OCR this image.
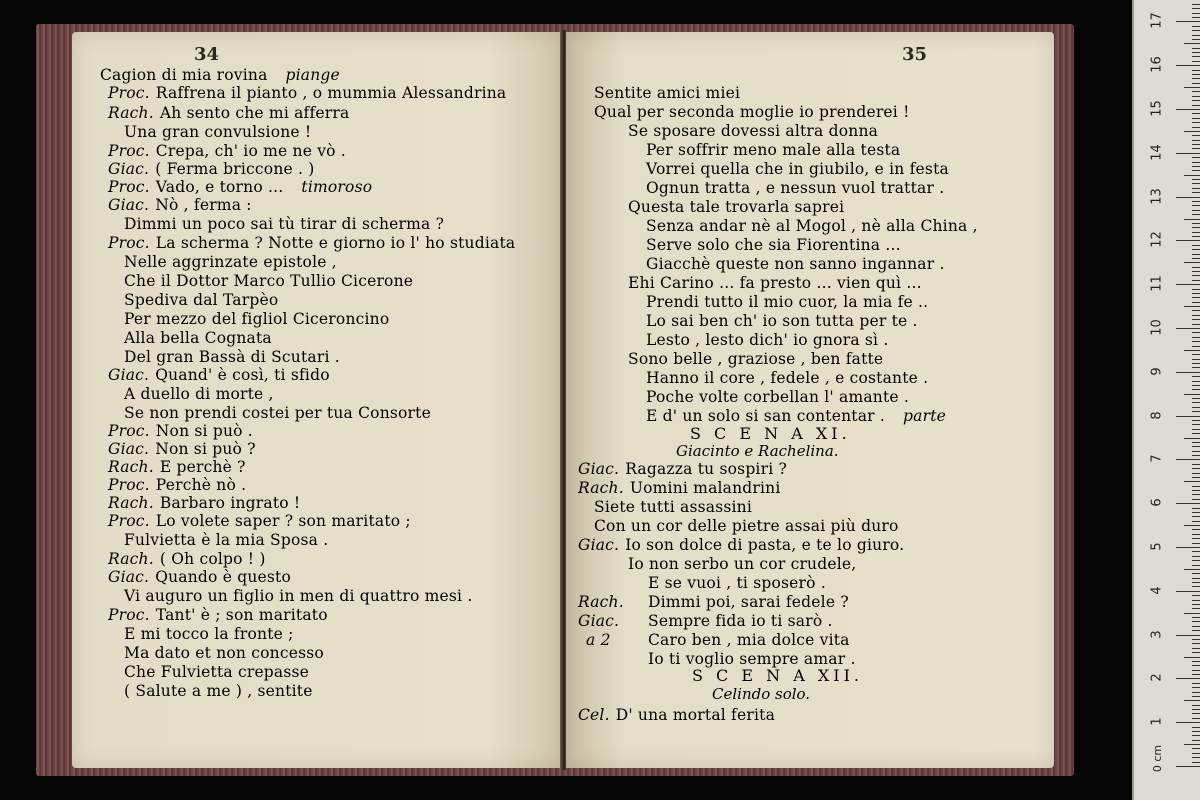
34	35
Cagion di mia rovina piange
Proc. Raffrena il pianto , o mummia Alessandrina
Rach. Ah sento che mi afferra
Una gran convulsione !
Proc. Crepa, ch' io me ne vò .
Giac. ( Ferma briccone . )
Proc. Vado, e torno ... timoroso
Giac. Nò , ferma :
Dimmi un poco sai tù tirar di scherma ?
Proc. La scherma ? Notte e giorno io l' ho studiata
Nelle aggrinzate epistole ,
Che il Dottor Marco Tullio Cicerone
Spediva dal Tarpèo
Per mezzo del figliol Ciceroncino
Alla bella Cognata
Del gran Bassà di Scutari .
Giac. Quand' è così, ti sfido
A duello di morte ,
Se non prendi costei per tua Consorte
Proc. Non si può .
Giac. Non si può ?
Rach. E perchè ?
Proc. Perchè nò .
Rach. Barbaro ingrato !
Proc. Lo volete saper ? son maritato ;
Fulvietta è la mia Sposa .
Rach. ( Oh colpo ! )
Giac. Quando è questo
Vi auguro un figlio in men di quattro mesi .
Proc. Tant' è ; son maritato
E mi tocco la fronte ;
Ma dato et non concesso
Che Fulvietta crepasse
( Salute a me ) , sentite
Sentite amici miei
Qual per seconda moglie io prenderei !
Se sposare dovessi altra donna
Per soffrir meno male alla testa
Vorrei quella che in giubilo, e in festa
Ognun tratta , e nessun vuol trattar .
Questa tale trovarla saprei
Senza andar nè al Mogol , nè alla China ,
Serve solo che sia Fiorentina ...
Giacchè queste non sanno ingannar .
Ehi Carino ... fa presto ... vien quì ...
Prendi tutto il mio cuor, la mia fe ..
Lo sai ben ch' io son tutta per te .
Lesto , lesto dich' io gnora sì .
Sono belle , graziose , ben fatte
Hanno il core , fedele , e costante .
Poche volte corbellan l' amante .
E d' un solo si san contentar . parte
Giac. Ragazza tu sospiri ?
Rach. Uomini malandrini
Siete tutti assassini
Con un cor delle pietre assai più duro
Giac. Io son dolce di pasta, e te lo giuro.
Io non serbo un cor crudele,
E se vuoi , ti sposerò .
Rach. Dimmi poi, sarai fedele ?
Giac. Sempre fida io ti sarò .
a 2 Caro ben , mia dolce vita
Io ti voglio sempre amar .
Cel. D' una mortal ferita
S C E N A XI.
Giacinto e Rachelina.
S C E N A XII.
Celindo solo.
1
2
3
4
5
6
7
8
9
10
11
12
13
14
15
16
17
0 cm
